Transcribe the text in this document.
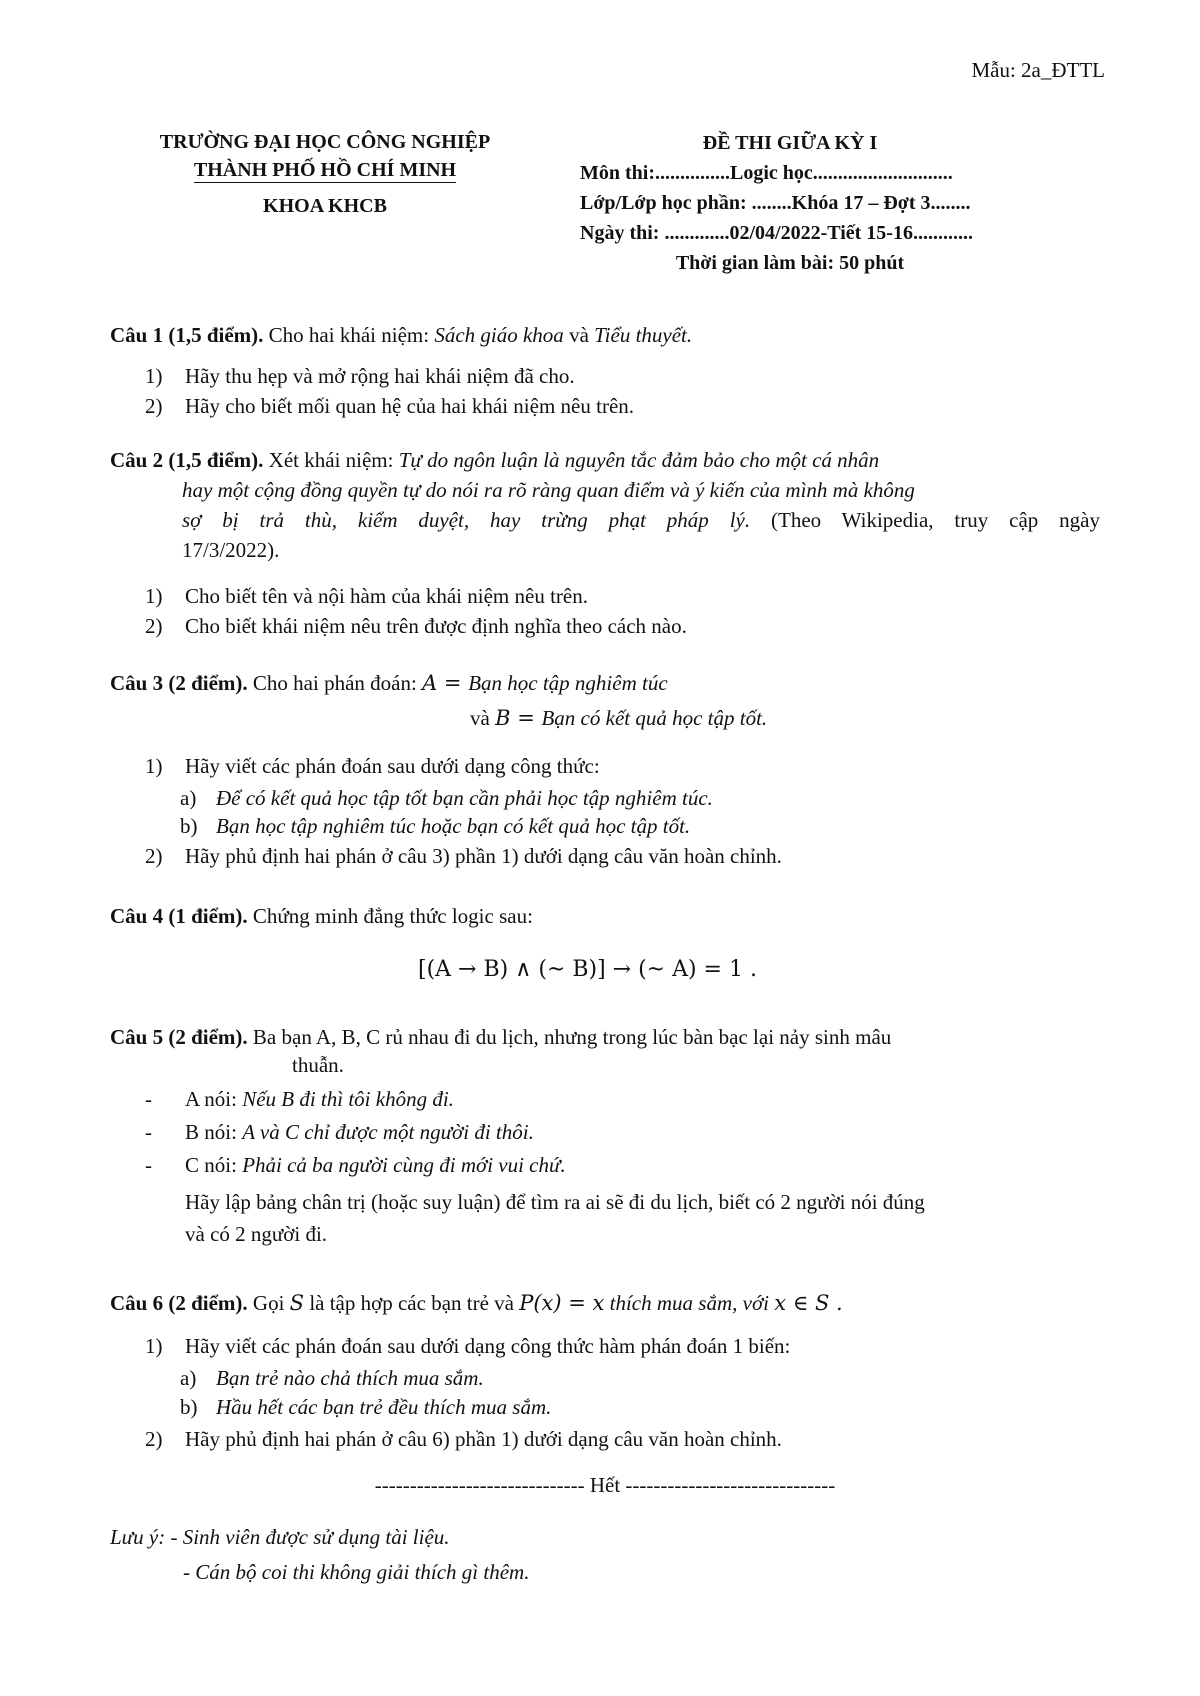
Mẫu: 2a_ĐTTL
TRƯỜNG ĐẠI HỌC CÔNG NGHIỆP
THÀNH PHỐ HỒ CHÍ MINH
KHOA KHCB
ĐỀ THI GIỮA KỲ I
Môn thi:...............Logic học............................
Lớp/Lớp học phần: ........Khóa 17 – Đợt 3........
Ngày thi: .............02/04/2022-Tiết 15-16............
Thời gian làm bài: 50 phút
Câu 1 (1,5 điểm). Cho hai khái niệm: Sách giáo khoa và Tiểu thuyết.
1) Hãy thu hẹp và mở rộng hai khái niệm đã cho.
2) Hãy cho biết mối quan hệ của hai khái niệm nêu trên.
Câu 2 (1,5 điểm). Xét khái niệm: Tự do ngôn luận là nguyên tắc đảm bảo cho một cá nhân
hay một cộng đồng quyền tự do nói ra rõ ràng quan điểm và ý kiến của mình mà không
sợ bị trả thù, kiểm duyệt, hay trừng phạt pháp lý. (Theo Wikipedia, truy cập ngày
17/3/2022).
1) Cho biết tên và nội hàm của khái niệm nêu trên.
2) Cho biết khái niệm nêu trên được định nghĩa theo cách nào.
Câu 3 (2 điểm). Cho hai phán đoán: A = Bạn học tập nghiêm túc
và B = Bạn có kết quả học tập tốt.
1) Hãy viết các phán đoán sau dưới dạng công thức:
a) Để có kết quả học tập tốt bạn cần phải học tập nghiêm túc.
b) Bạn học tập nghiêm túc hoặc bạn có kết quả học tập tốt.
2) Hãy phủ định hai phán ở câu 3) phần 1) dưới dạng câu văn hoàn chỉnh.
Câu 4 (1 điểm). Chứng minh đẳng thức logic sau:
[(A → B) ∧ (~ B)] → (~ A) = 1 .
Câu 5 (2 điểm). Ba bạn A, B, C rủ nhau đi du lịch, nhưng trong lúc bàn bạc lại nảy sinh mâu
thuẫn.
- A nói: Nếu B đi thì tôi không đi.
- B nói: A và C chỉ được một người đi thôi.
- C nói: Phải cả ba người cùng đi mới vui chứ.
Hãy lập bảng chân trị (hoặc suy luận) để tìm ra ai sẽ đi du lịch, biết có 2 người nói đúng
và có 2 người đi.
Câu 6 (2 điểm). Gọi S là tập hợp các bạn trẻ và P(x) = x thích mua sắm, với x ∈ S .
1) Hãy viết các phán đoán sau dưới dạng công thức hàm phán đoán 1 biến:
a) Bạn trẻ nào chả thích mua sắm.
b) Hầu hết các bạn trẻ đều thích mua sắm.
2) Hãy phủ định hai phán ở câu 6) phần 1) dưới dạng câu văn hoàn chỉnh.
------------------------------ Hết ------------------------------
Lưu ý: - Sinh viên được sử dụng tài liệu.
- Cán bộ coi thi không giải thích gì thêm.
